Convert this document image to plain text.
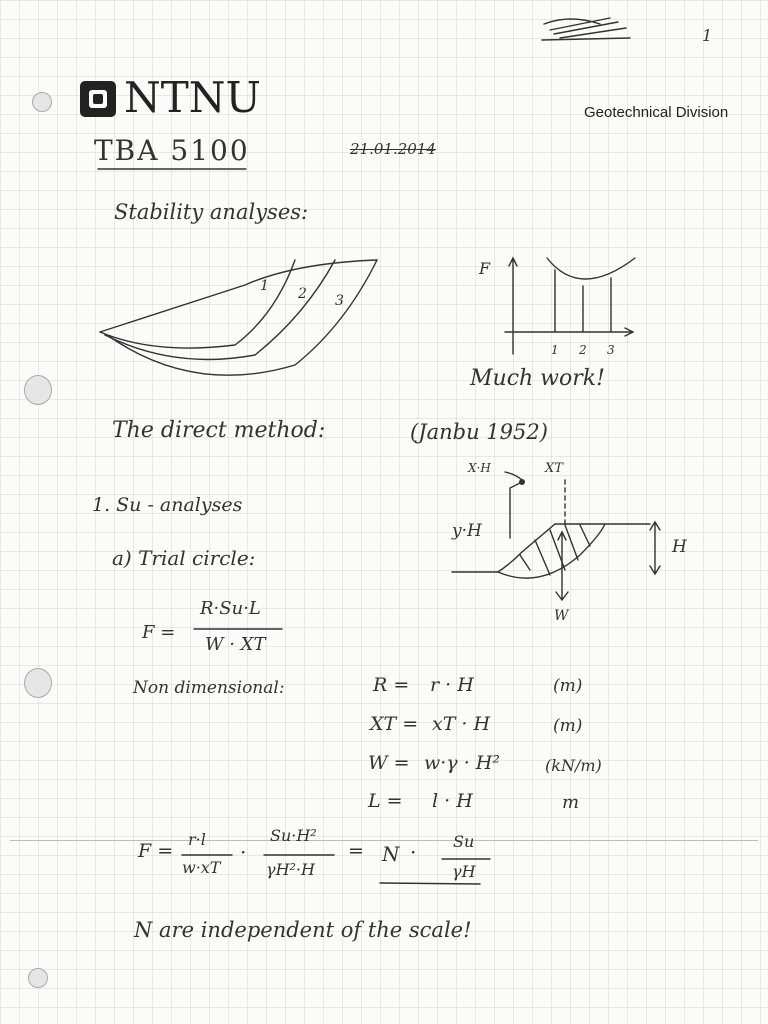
1
NTNU	Geotechnical Division
TBA 5100	21.01.2014
Stability analyses:
1 2 3
F
1 2 3
Much work!
The direct method:	(Janbu 1952)
1. Su - analyses
a) Trial circle:
X·H	XT
y·H
H
W
F =
R·Su·L
W · XT
Non dimensional:	R = r · H	(m)
XT = xT · H	(m)
W = w·γ · H²	(kN/m)
L = l · H	m
F =
r·l
w·xT
·
Su·H²
γH²·H
= N · Su
γH
N are independent of the scale!
